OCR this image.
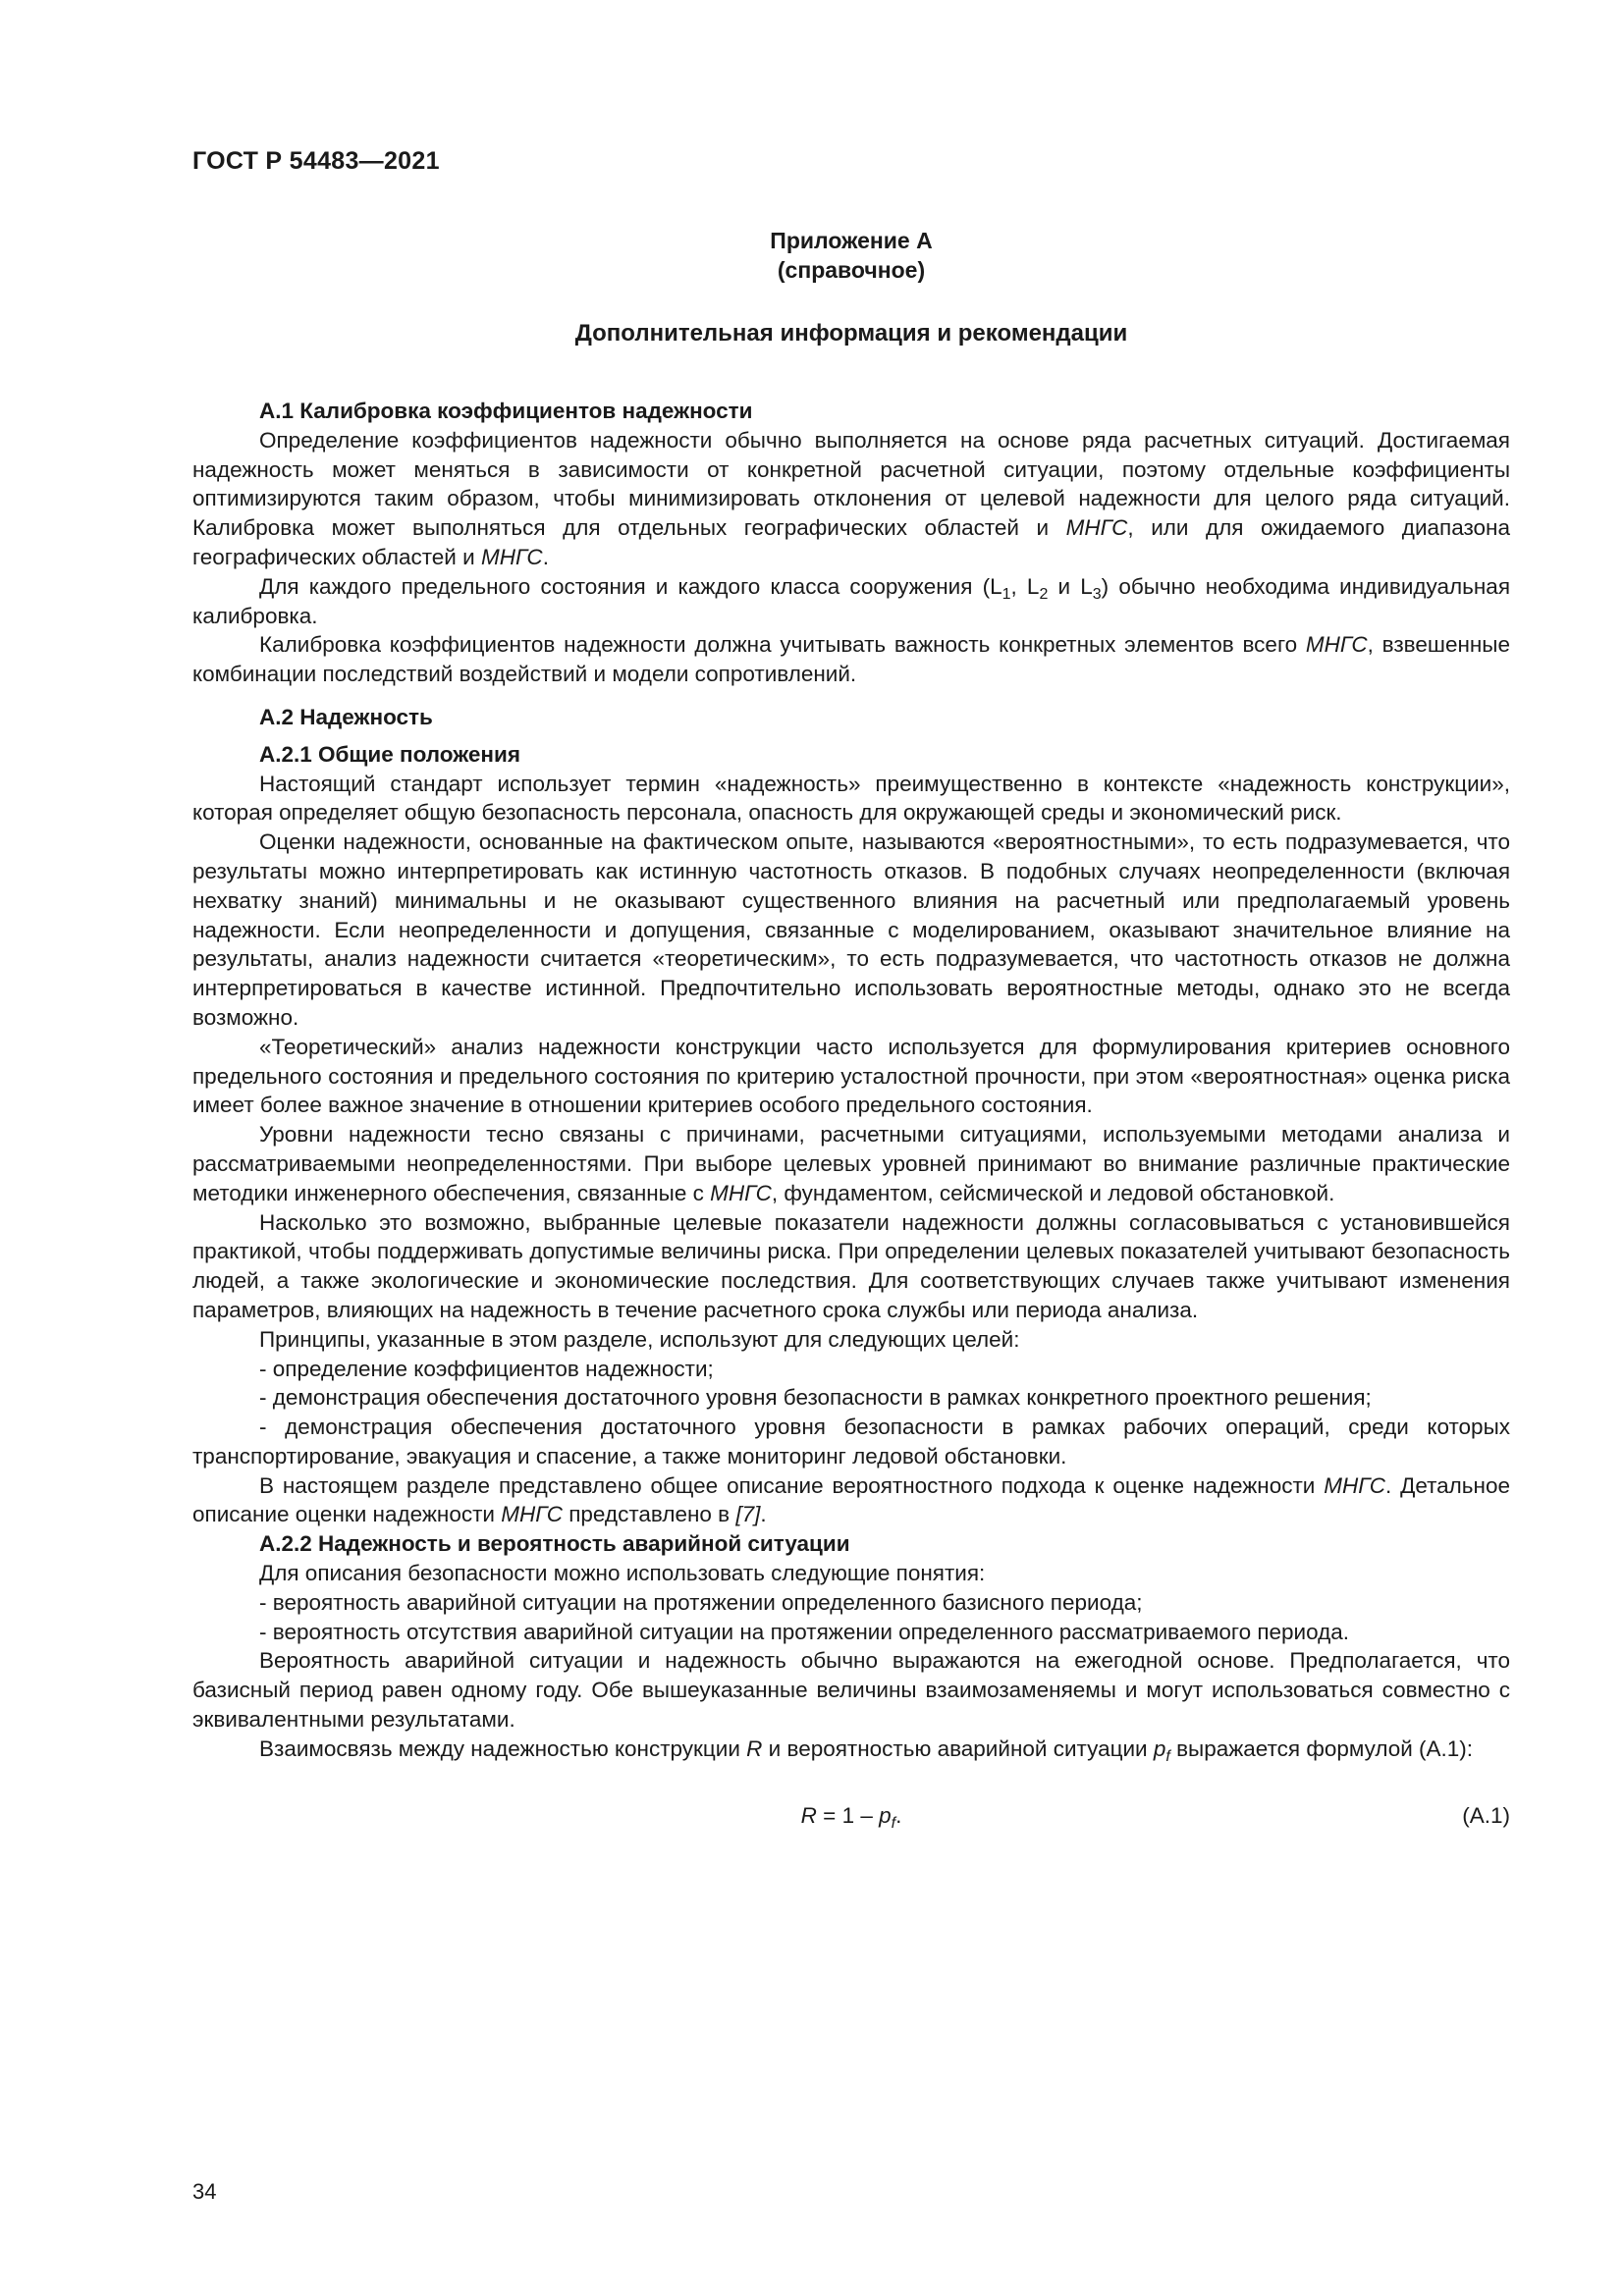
ГОСТ Р 54483—2021
Приложение А
(справочное)
Дополнительная информация и рекомендации
А.1 Калибровка коэффициентов надежности

Определение коэффициентов надежности обычно выполняется на основе ряда расчетных ситуаций. Достигаемая надежность может меняться в зависимости от конкретной расчетной ситуации, поэтому отдельные коэффициенты оптимизируются таким образом, чтобы минимизировать отклонения от целевой надежности для целого ряда ситуаций. Калибровка может выполняться для отдельных географических областей и МНГС, или для ожидаемого диапазона географических областей и МНГС.

Для каждого предельного состояния и каждого класса сооружения ($L_1$, $L_2$ и $L_3$) обычно необходима индивидуальная калибровка.

Калибровка коэффициентов надежности должна учитывать важность конкретных элементов всего МНГС, взвешенные комбинации последствий воздействий и модели сопротивлений.

А.2 Надежность
А.2.1 Общие положения

Настоящий стандарт использует термин «надежность» преимущественно в контексте «надежность конструкции», которая определяет общую безопасность персонала, опасность для окружающей среды и экономический риск.

Оценки надежности, основанные на фактическом опыте, называются «вероятностными», то есть подразумевается, что результаты можно интерпретировать как истинную частотность отказов. В подобных случаях неопределенности (включая нехватку знаний) минимальны и не оказывают существенного влияния на расчетный или предполагаемый уровень надежности. Если неопределенности и допущения, связанные с моделированием, оказывают значительное влияние на результаты, анализ надежности считается «теоретическим», то есть подразумевается, что частотность отказов не должна интерпретироваться в качестве истинной. Предпочтительно использовать вероятностные методы, однако это не всегда возможно.

«Теоретический» анализ надежности конструкции часто используется для формулирования критериев основного предельного состояния и предельного состояния по критерию усталостной прочности, при этом «вероятностная» оценка риска имеет более важное значение в отношении критериев особого предельного состояния.

Уровни надежности тесно связаны с причинами, расчетными ситуациями, используемыми методами анализа и рассматриваемыми неопределенностями. При выборе целевых уровней принимают во внимание различные практические методики инженерного обеспечения, связанные с МНГС, фундаментом, сейсмической и ледовой обстановкой.

Насколько это возможно, выбранные целевые показатели надежности должны согласовываться с установившейся практикой, чтобы поддерживать допустимые величины риска. При определении целевых показателей учитывают безопасность людей, а также экологические и экономические последствия. Для соответствующих случаев также учитывают изменения параметров, влияющих на надежность в течение расчетного срока службы или периода анализа.

Принципы, указанные в этом разделе, используют для следующих целей:

- определение коэффициентов надежности;

- демонстрация обеспечения достаточного уровня безопасности в рамках конкретного проектного решения;

- демонстрация обеспечения достаточного уровня безопасности в рамках рабочих операций, среди которых транспортирование, эвакуация и спасение, а также мониторинг ледовой обстановки.

В настоящем разделе представлено общее описание вероятностного подхода к оценке надежности МНГС. Детальное описание оценки надежности МНГС представлено в [7].

А.2.2 Надежность и вероятность аварийной ситуации

Для описания безопасности можно использовать следующие понятия:

- вероятность аварийной ситуации на протяжении определенного базисного периода;

- вероятность отсутствия аварийной ситуации на протяжении определенного рассматриваемого периода.

Вероятность аварийной ситуации и надежность обычно выражаются на ежегодной основе. Предполагается, что базисный период равен одному году. Обе вышеуказанные величины взаимозаменяемы и могут использоваться совместно с эквивалентными результатами.

Взаимосвязь между надежностью конструкции R и вероятностью аварийной ситуации $p_f$ выражается формулой (А.1):

$R = 1 - p_f$.	(А.1)
34
